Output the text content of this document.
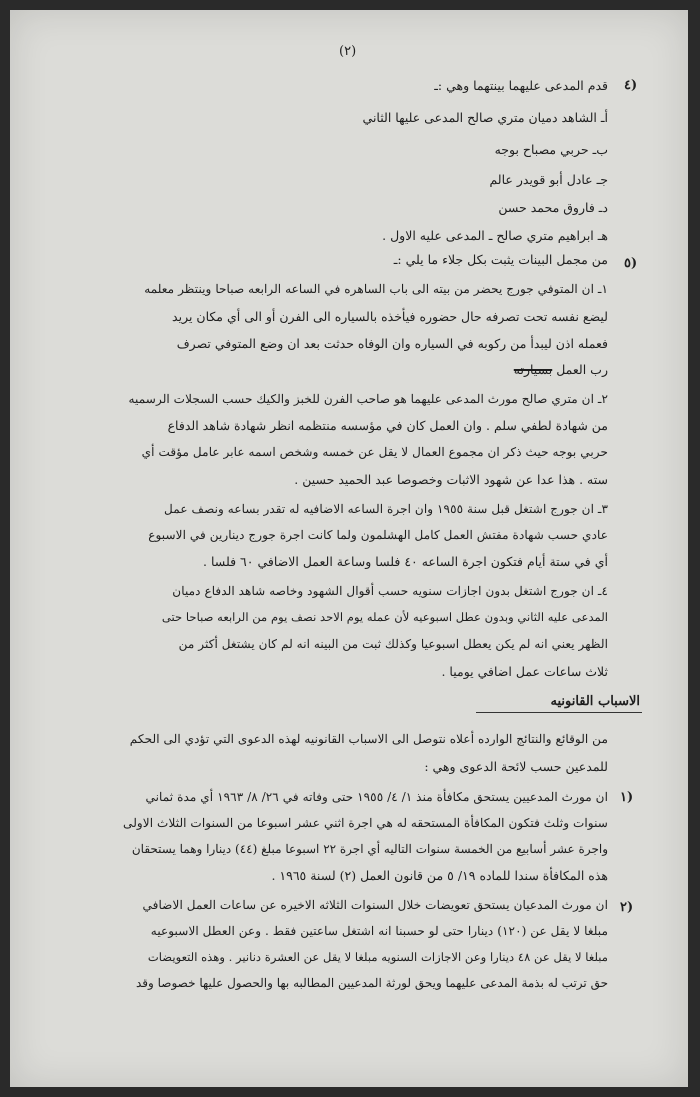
(٢)
٤)
قدم المدعى عليهما بينتهما وهي :ـ
أ‌ـ الشاهد دميان متري صالح المدعى عليها الثاني
ب‌ـ حربي مصباح بوجه
جـ عادل أبو قويدر عالم
د‌ـ فاروق محمد حسن
هـ ابراهيم متري صالح ـ المدعى عليه الاول .
٥)
من مجمل البينات يثبت بكل جلاء ما يلي :ـ
١ـ ان المتوفي جورج يحضر من بيته الى باب الساهره في الساعه الرابعه صباحا وينتظر معلمه
ليضع نفسه تحت تصرفه حال حضوره فيأخذه بالسياره الى الفرن أو الى أي مكان يريد
فعمله اذن ليبدأ من ركوبه في السياره وان الوفاه حدثت بعد ان وضع المتوفي تصرف
رب العمل بسيارته
٢ـ ان متري صالح مورث المدعى عليهما هو صاحب الفرن للخبز والكيك حسب السجلات الرسميه
من شهادة لطفي سلم . وان العمل كان في مؤسسه منتظمه انظر شهادة شاهد الدفاع
حربي بوجه حيث ذكر ان مجموع العمال لا يقل عن خمسه وشخص اسمه عابر عامل مؤقت أي
سته . هذا عدا عن شهود الاثبات وخصوصا عبد الحميد حسين .
٣ـ ان جورج اشتغل قبل سنة ١٩٥٥ وان اجرة الساعه الاضافيه له تقدر بساعه ونصف عمل
عادي حسب شهادة مفتش العمل كامل الهشلمون ولما كانت اجرة جورج دينارين في الاسبوع
أي في ستة أيام فتكون اجرة الساعه ٤٠ فلسا وساعة العمل الاضافي ٦٠ فلسا .
٤ـ ان جورج اشتغل بدون اجازات سنويه حسب أقوال الشهود وخاصه شاهد الدفاع دميان
المدعى عليه الثاني وبدون عطل اسبوعيه لأن عمله يوم الاحد نصف يوم من الرابعه صباحا حتى
الظهر يعني انه لم يكن يعطل اسبوعيا وكذلك ثبت من البينه انه لم كان يشتغل أكثر من
ثلاث ساعات عمل اضافي يوميا .
الاسباب القانونيه
من الوقائع والنتائج الوارده أعلاه نتوصل الى الاسباب القانونيه لهذه الدعوى التي تؤدي الى الحكم
للمدعين حسب لائحة الدعوى وهي :
١)
ان مورث المدعيين يستحق مكافأة منذ ١/ ٤/ ١٩٥٥ حتى وفاته في ٢٦/ ٨/ ١٩٦٣ أي مدة ثماني
سنوات وثلث فتكون المكافأة المستحقه له هي اجرة اثني عشر اسبوعا من السنوات الثلاث الاولى
واجرة عشر أسابيع من الخمسة سنوات التاليه أي اجرة ٢٢ اسبوعا مبلغ (٤٤) دينارا وهما يستحقان
هذه المكافأة سندا للماده ١٩/ ٥ من قانون العمل (٢) لسنة ١٩٦٥ .
٢)
ان مورث المدعيان يستحق تعويضات خلال السنوات الثلاثه الاخيره عن ساعات العمل الاضافي
مبلغا لا يقل عن (١٢٠) دينارا حتى لو حسبنا انه اشتغل ساعتين فقط . وعن العطل الاسبوعيه
مبلغا لا يقل عن ٤٨ دينارا وعن الاجازات السنويه مبلغا لا يقل عن العشرة دنانير . وهذه التعويضات
حق ترتب له بذمة المدعى عليهما ويحق لورثة المدعيين المطالبه بها والحصول عليها خصوصا وقد
